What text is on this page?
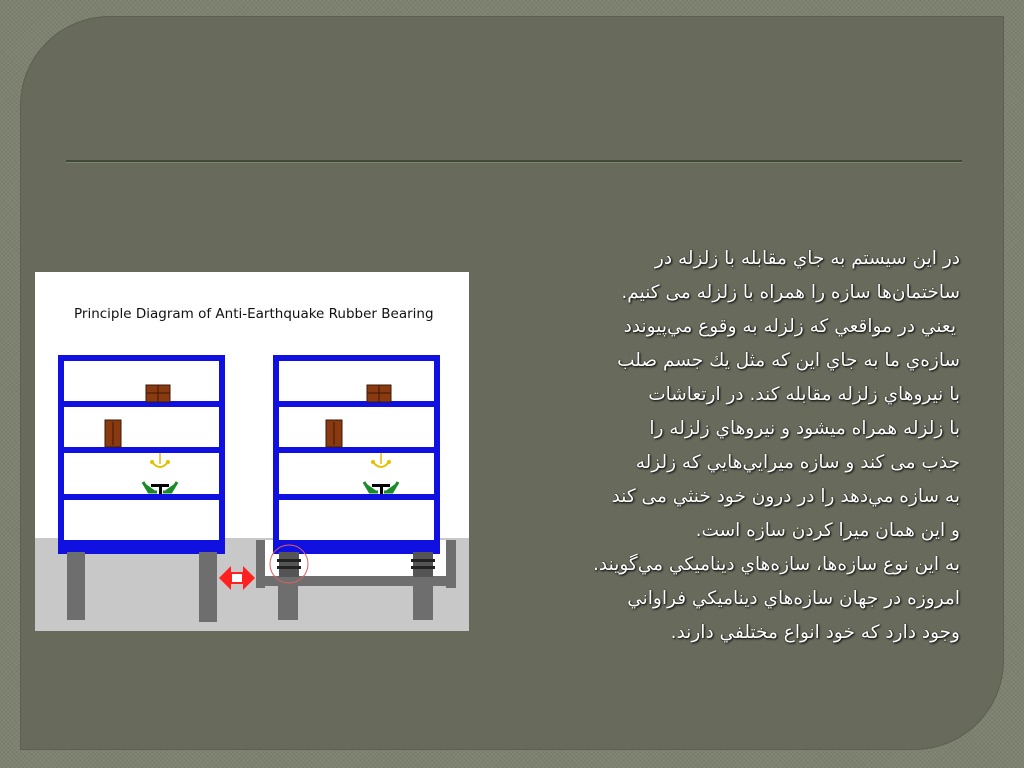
Principle Diagram of Anti-Earthquake Rubber Bearing
در اين سيستم به جاي مقابله با زلزله در
ساختمان‌ها سازه را همراه با زلزله می کنيم.
يعني در مواقعي كه زلزله به وقوع مي‌پيوندد
سازه‌ي ما به جاي اين كه مثل يك جسم صلب
با نيروهاي زلزله مقابله كند. در ارتعاشات
با زلزله همراه ميشود و نيروهاي زلزله را
جذب می كند و سازه ميرايي‌هايي كه زلزله
به سازه مي‌دهد را در درون خود خنثي می كند
و اين همان ميرا كردن سازه است.
به اين نوع سازه‌ها، سازه‌هاي ديناميكي مي‌گويند.
امروزه در جهان سازه‌هاي ديناميكي فراواني
وجود دارد كه خود انواع مختلفي دارند.
